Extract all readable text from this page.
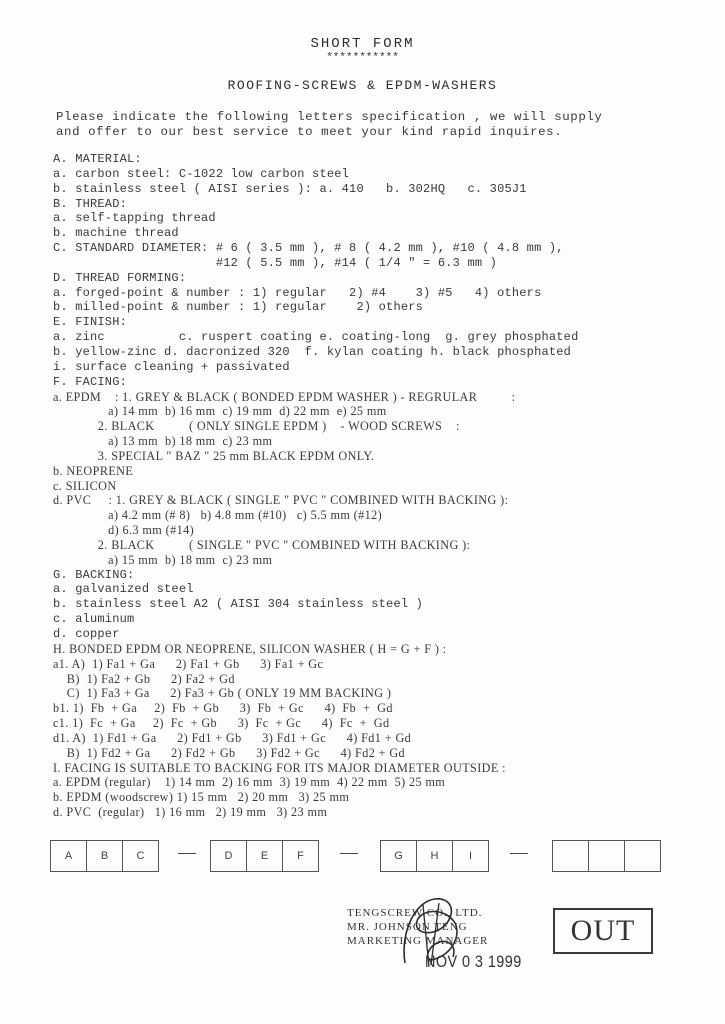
SHORT FORM
***********
ROOFING-SCREWS & EPDM-WASHERS
Please indicate the following letters specification , we will supply
and offer to our best service to meet your kind rapid inquires.
A. MATERIAL:
a. carbon steel: C-1022 low carbon steel
b. stainless steel ( AISI series ): a. 410   b. 302HQ   c. 305J1
B. THREAD:
a. self-tapping thread
b. machine thread
C. STANDARD DIAMETER: # 6 ( 3.5 mm ), # 8 ( 4.2 mm ), #10 ( 4.8 mm ),
#12 ( 5.5 mm ), #14 ( 1/4 " = 6.3 mm )
D. THREAD FORMING:
a. forged-point & number : 1) regular   2) #4    3) #5   4) others
b. milled-point & number : 1) regular    2) others
E. FINISH:
a. zinc          c. ruspert coating e. coating-long  g. grey phosphated
b. yellow-zinc d. dacronized 320  f. kylan coating h. black phosphated
i. surface cleaning + passivated
F. FACING:
a. EPDM    : 1. GREY & BLACK ( BONDED EPDM WASHER ) - REGRULAR          :
a) 14 mm  b) 16 mm  c) 19 mm  d) 22 mm  e) 25 mm
2. BLACK          ( ONLY SINGLE EPDM )    - WOOD SCREWS    :
a) 13 mm  b) 18 mm  c) 23 mm
3. SPECIAL " BAZ " 25 mm BLACK EPDM ONLY.
b. NEOPRENE
c. SILICON
d. PVC     : 1. GREY & BLACK ( SINGLE " PVC " COMBINED WITH BACKING ):
a) 4.2 mm (# 8)   b) 4.8 mm (#10)   c) 5.5 mm (#12)
d) 6.3 mm (#14)
2. BLACK          ( SINGLE " PVC " COMBINED WITH BACKING ):
a) 15 mm  b) 18 mm  c) 23 mm
G. BACKING:
a. galvanized steel
b. stainless steel A2 ( AISI 304 stainless steel )
c. aluminum
d. copper
H. BONDED EPDM OR NEOPRENE, SILICON WASHER ( H = G + F ) :
a1. A)  1) Fa1 + Ga      2) Fa1 + Gb      3) Fa1 + Gc
B)  1) Fa2 + Gb      2) Fa2 + Gd
C)  1) Fa3 + Ga      2) Fa3 + Gb ( ONLY 19 MM BACKING )
b1. 1)  Fb  + Ga     2)  Fb  + Gb      3)  Fb  + Gc      4)  Fb  +  Gd
c1. 1)  Fc  + Ga     2)  Fc  + Gb      3)  Fc  + Gc      4)  Fc  +  Gd
d1. A)  1) Fd1 + Ga      2) Fd1 + Gb      3) Fd1 + Gc      4) Fd1 + Gd
B)  1) Fd2 + Ga      2) Fd2 + Gb      3) Fd2 + Gc      4) Fd2 + Gd
I. FACING IS SUITABLE TO BACKING FOR ITS MAJOR DIAMETER OUTSIDE :
a. EPDM (regular)    1) 14 mm  2) 16 mm  3) 19 mm  4) 22 mm  5) 25 mm
b. EPDM (woodscrew) 1) 15 mm   2) 20 mm   3) 25 mm
d. PVC  (regular)   1) 16 mm   2) 19 mm   3) 23 mm
A	B	C	D	E	F	G	H	I
TENGSCREW CO., LTD.
MR. JOHNSON TENG
MARKETING MANAGER
NOV 0 3 1999
OUT
